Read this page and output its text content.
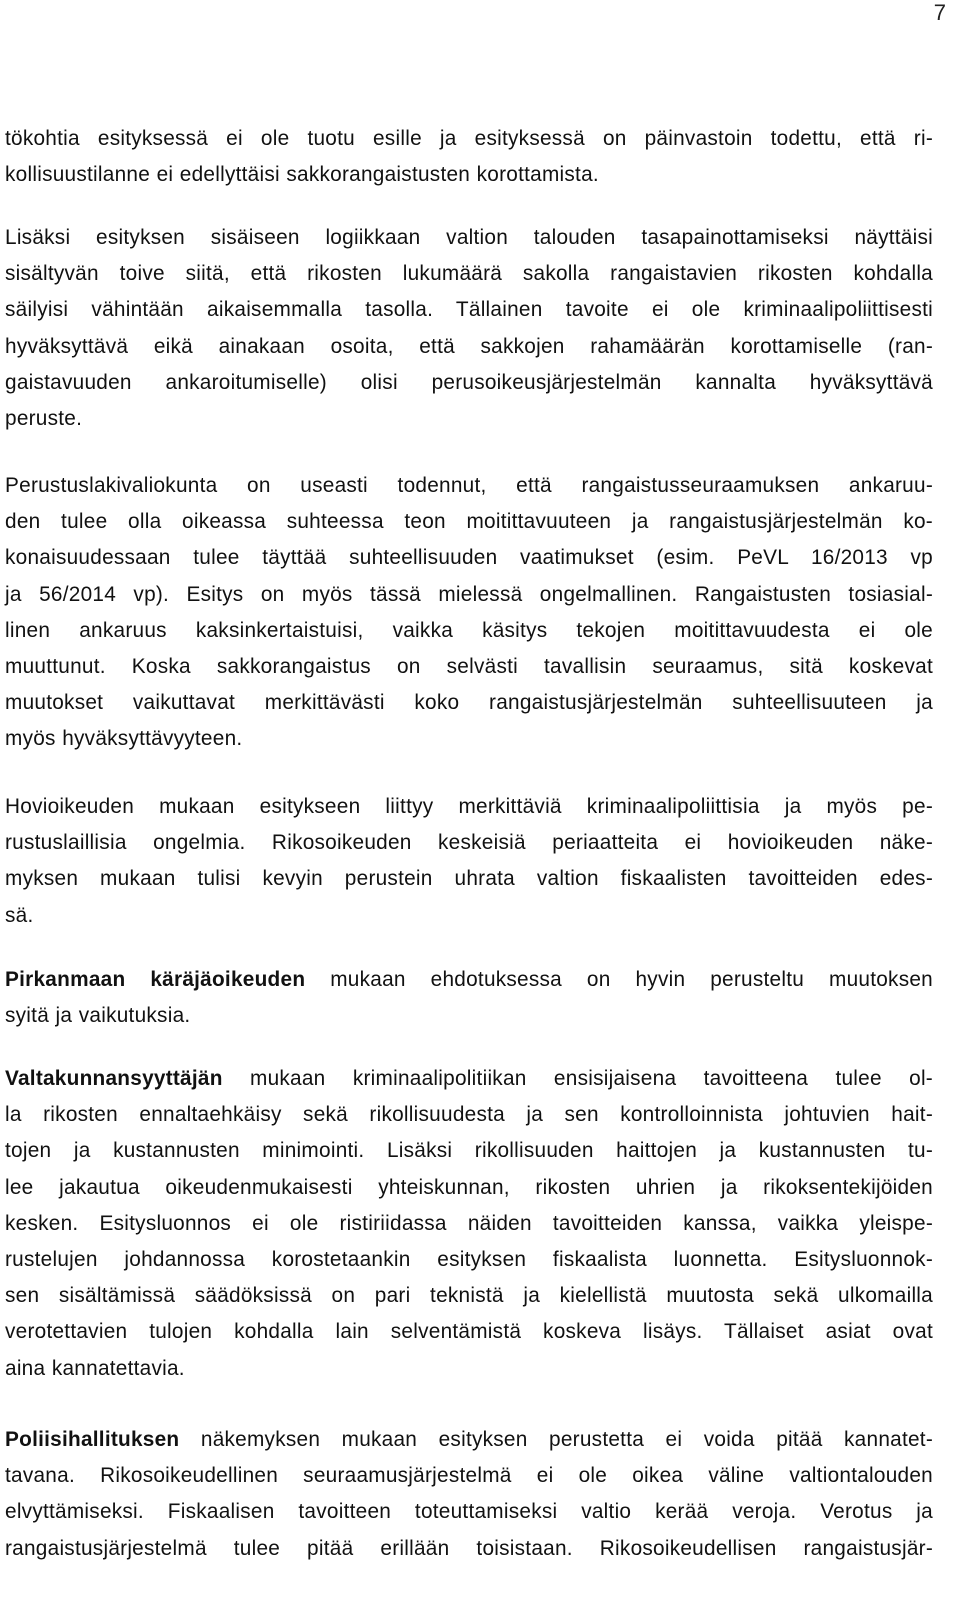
7
tökohtia esityksessä ei ole tuotu esille ja esityksessä on päinvastoin todettu, että ri-
kollisuustilanne ei edellyttäisi sakkorangaistusten korottamista.
Lisäksi esityksen sisäiseen logiikkaan valtion talouden tasapainottamiseksi näyttäisi
sisältyvän toive siitä, että rikosten lukumäärä sakolla rangaistavien rikosten kohdalla
säilyisi vähintään aikaisemmalla tasolla. Tällainen tavoite ei ole kriminaalipoliittisesti
hyväksyttävä eikä ainakaan osoita, että sakkojen rahamäärän korottamiselle (ran-
gaistavuuden ankaroitumiselle) olisi perusoikeusjärjestelmän kannalta hyväksyttävä
peruste.
Perustuslakivaliokunta on useasti todennut, että rangaistusseuraamuksen ankaruu-
den tulee olla oikeassa suhteessa teon moitittavuuteen ja rangaistusjärjestelmän ko-
konaisuudessaan tulee täyttää suhteellisuuden vaatimukset (esim. PeVL 16/2013 vp
ja 56/2014 vp). Esitys on myös tässä mielessä ongelmallinen. Rangaistusten tosiasial-
linen ankaruus kaksinkertaistuisi, vaikka käsitys tekojen moitittavuudesta ei ole
muuttunut. Koska sakkorangaistus on selvästi tavallisin seuraamus, sitä koskevat
muutokset vaikuttavat merkittävästi koko rangaistusjärjestelmän suhteellisuuteen ja
myös hyväksyttävyyteen.
Hovioikeuden mukaan esitykseen liittyy merkittäviä kriminaalipoliittisia ja myös pe-
rustuslaillisia ongelmia. Rikosoikeuden keskeisiä periaatteita ei hovioikeuden näke-
myksen mukaan tulisi kevyin perustein uhrata valtion fiskaalisten tavoitteiden edes-
sä.
Pirkanmaan käräjäoikeuden mukaan ehdotuksessa on hyvin perusteltu muutoksen
syitä ja vaikutuksia.
Valtakunnansyyttäjän mukaan kriminaalipolitiikan ensisijaisena tavoitteena tulee ol-
la rikosten ennaltaehkäisy sekä rikollisuudesta ja sen kontrolloinnista johtuvien hait-
tojen ja kustannusten minimointi. Lisäksi rikollisuuden haittojen ja kustannusten tu-
lee jakautua oikeudenmukaisesti yhteiskunnan, rikosten uhrien ja rikoksentekijöiden
kesken. Esitysluonnos ei ole ristiriidassa näiden tavoitteiden kanssa, vaikka yleispe-
rustelujen johdannossa korostetaankin esityksen fiskaalista luonnetta. Esitysluonnok-
sen sisältämissä säädöksissä on pari teknistä ja kielellistä muutosta sekä ulkomailla
verotettavien tulojen kohdalla lain selventämistä koskeva lisäys. Tällaiset asiat ovat
aina kannatettavia.
Poliisihallituksen näkemyksen mukaan esityksen perustetta ei voida pitää kannatet-
tavana. Rikosoikeudellinen seuraamusjärjestelmä ei ole oikea väline valtiontalouden
elvyttämiseksi. Fiskaalisen tavoitteen toteuttamiseksi valtio kerää veroja. Verotus ja
rangaistusjärjestelmä tulee pitää erillään toisistaan. Rikosoikeudellisen rangaistusjär-
